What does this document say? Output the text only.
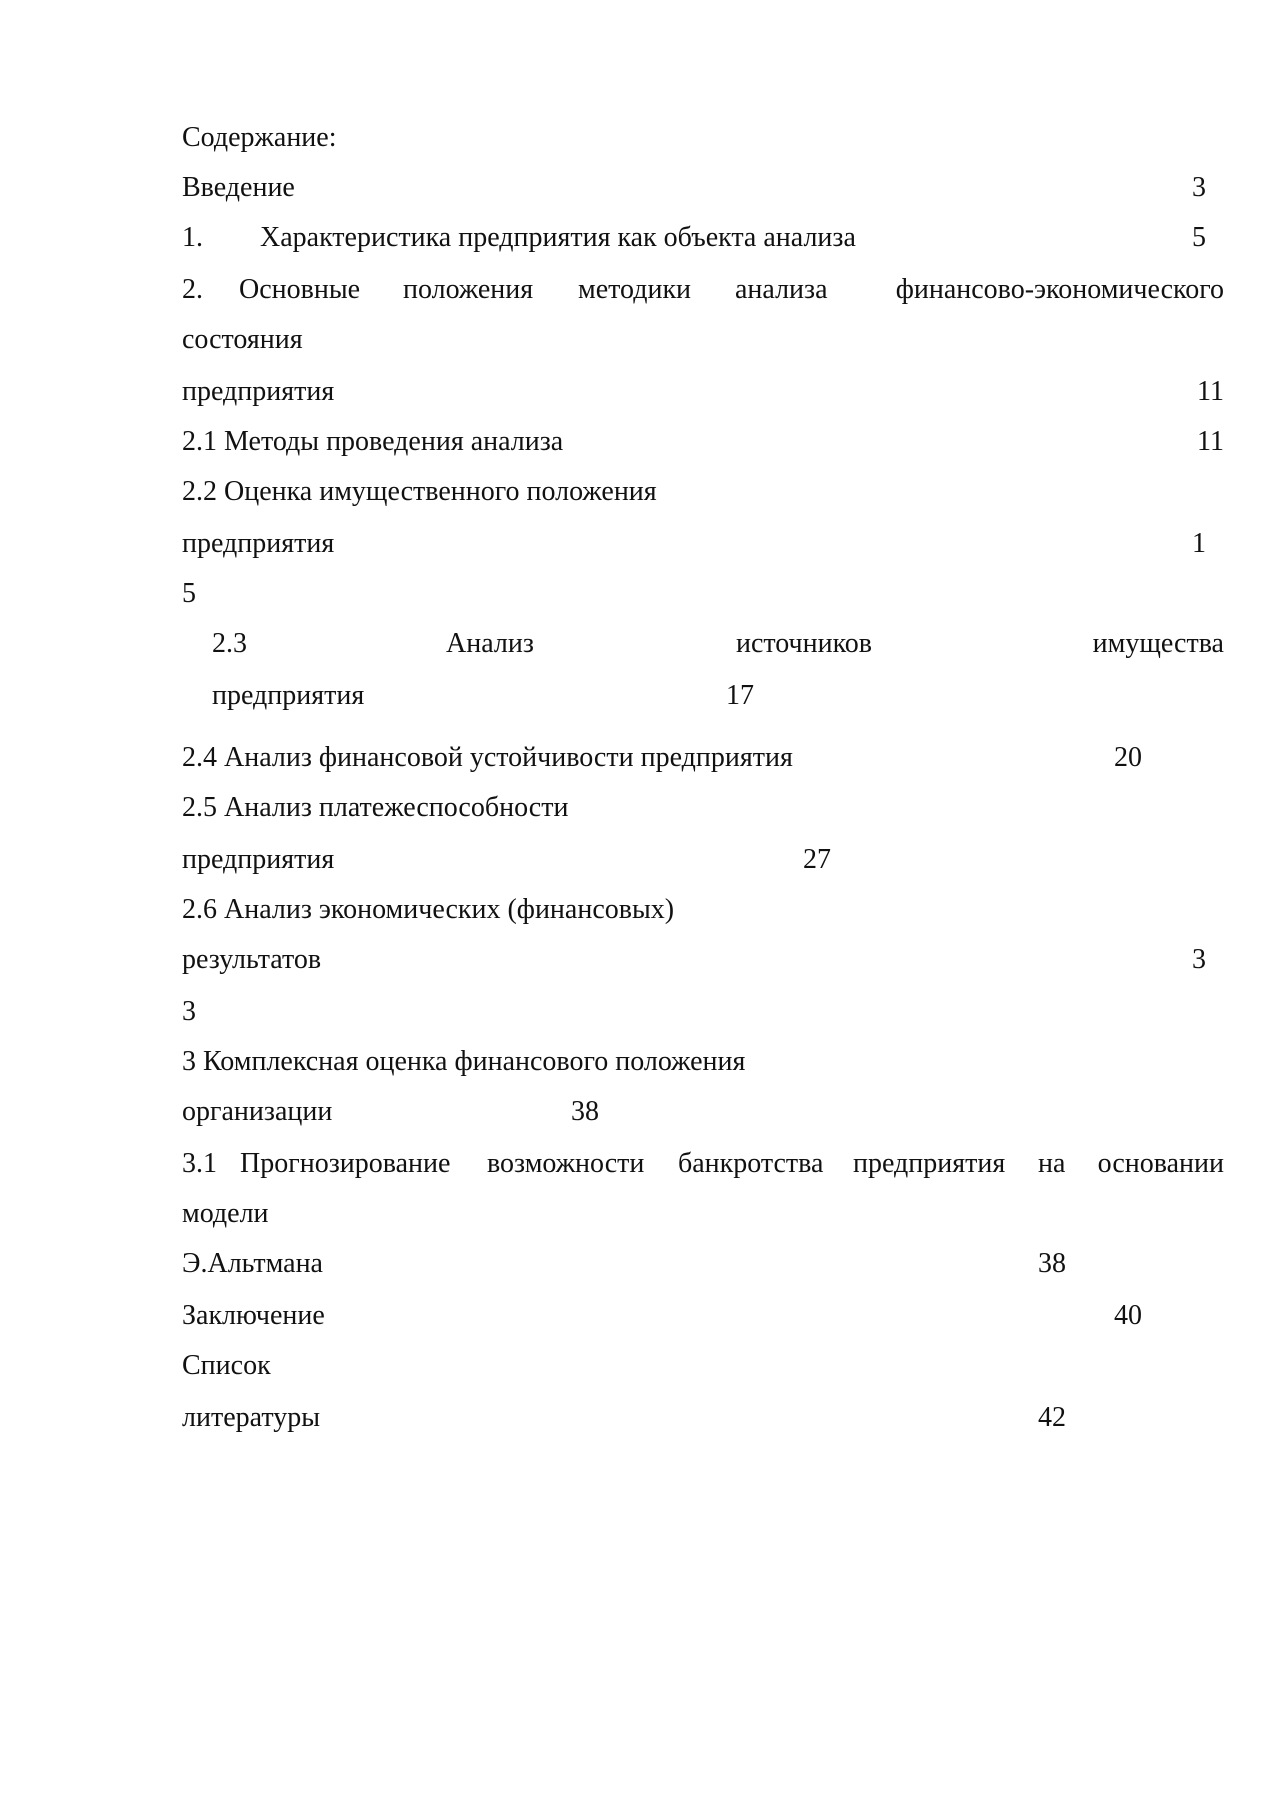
Содержание:
Введение	3
1. Характеристика предприятия как объекта анализа	5
2. Основные положения методики анализа	финансово-экономического
состояния
предприятия	11
2.1 Методы проведения анализа	11
2.2 Оценка имущественного положения
предприятия	1
5
2.3	Анализ	источников	имущества
предприятия	17
2.4 Анализ финансовой устойчивости предприятия	20
2.5 Анализ платежеспособности
предприятия	27
2.6 Анализ экономических (финансовых)
результатов	3
3
3 Комплексная оценка финансового положения
организации	38
3.1 Прогнозирование возможности банкротства предприятия на	основании
модели
Э.Альтмана	38
Заключение	40
Список
литературы	42
